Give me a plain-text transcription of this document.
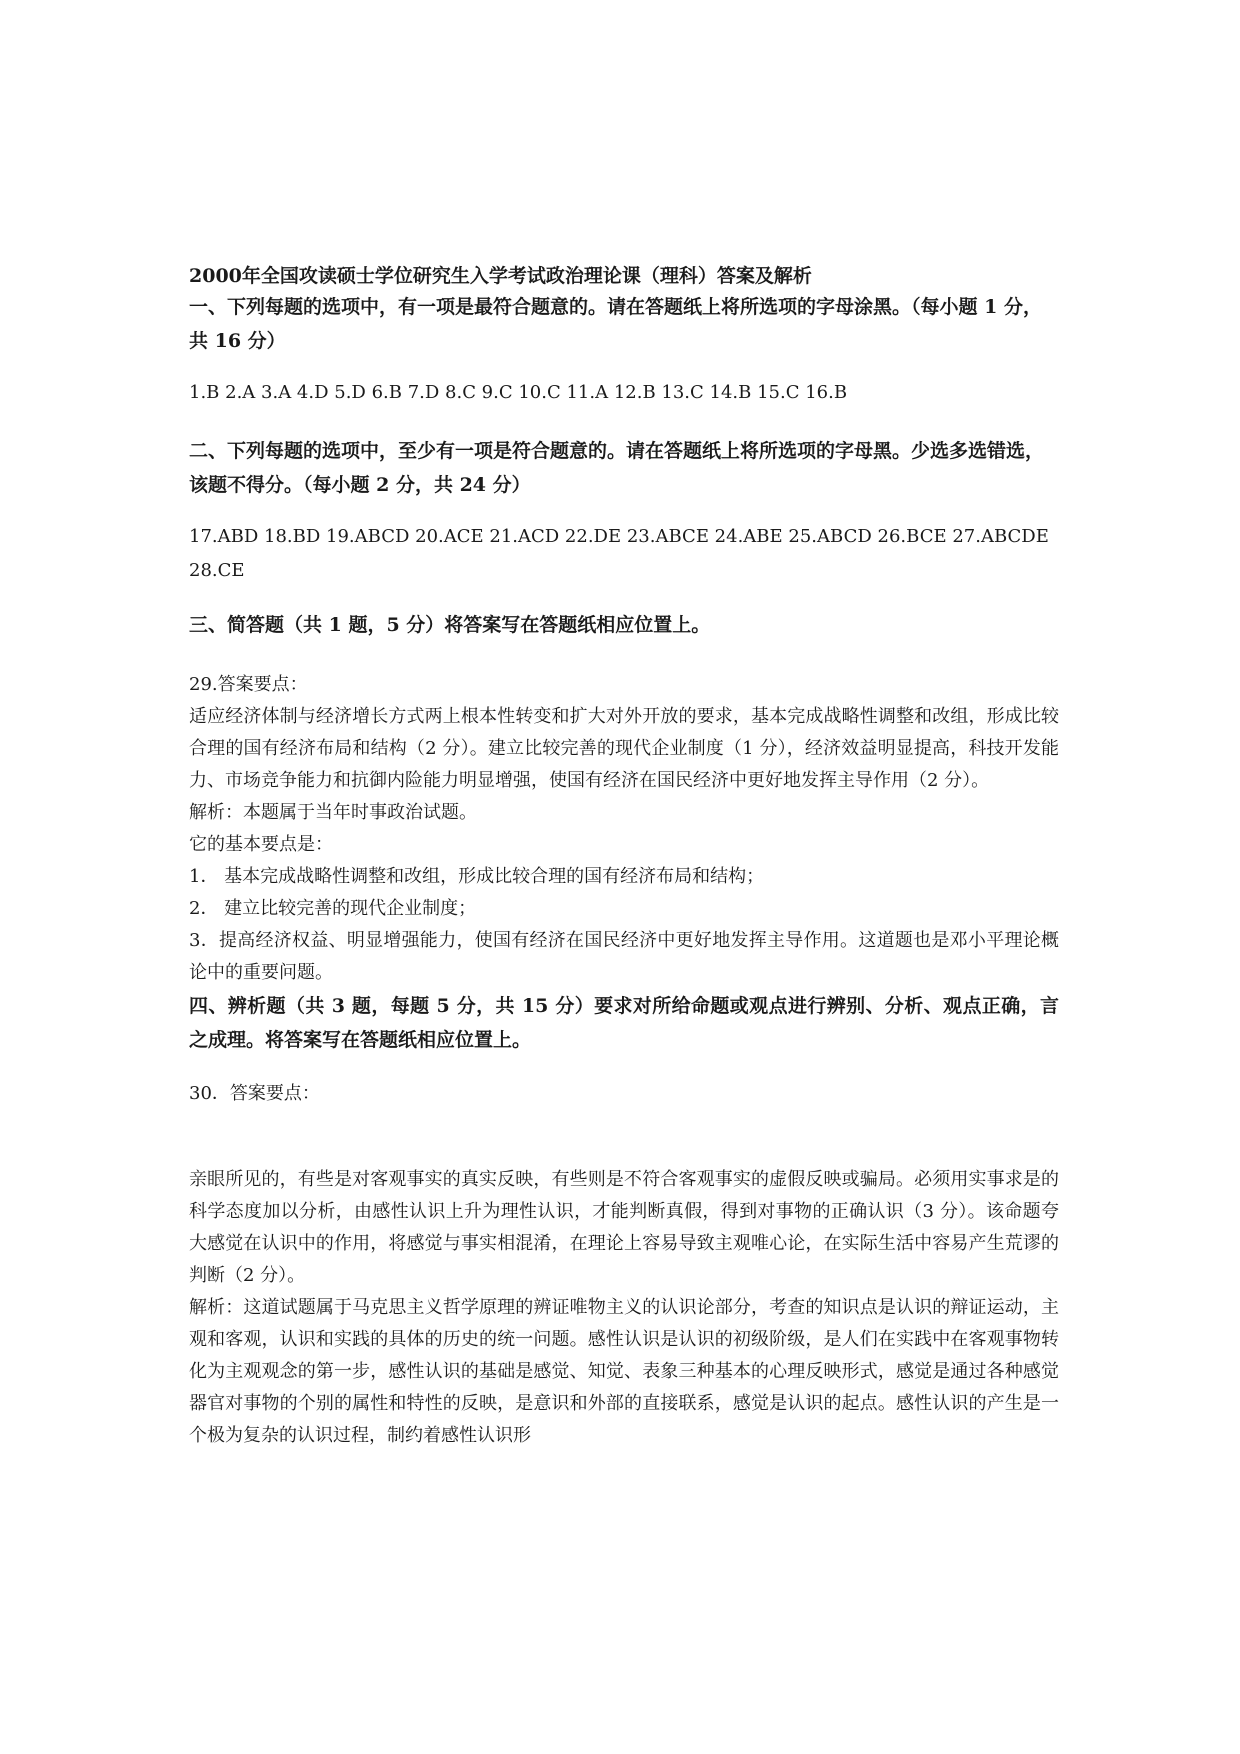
2000年全国攻读硕士学位研究生入学考试政治理论课（理科）答案及解析
一、下列每题的选项中，有一项是最符合题意的。请在答题纸上将所选项的字母涂黑。（每小题 1 分，共 16 分）
1.B 2.A 3.A 4.D 5.D 6.B 7.D 8.C 9.C 10.C 11.A 12.B 13.C 14.B 15.C 16.B
二、下列每题的选项中，至少有一项是符合题意的。请在答题纸上将所选项的字母黑。少选多选错选，该题不得分。（每小题 2 分，共 24 分）
17.ABD 18.BD 19.ABCD 20.ACE 21.ACD 22.DE 23.ABCE 24.ABE 25.ABCD 26.BCE 27.ABCDE 28.CE
三、简答题（共 1 题，5 分）将答案写在答题纸相应位置上。

29.答案要点：

适应经济体制与经济增长方式两上根本性转变和扩大对外开放的要求，基本完成战略性调整和改组，形成比较合理的国有经济布局和结构（2 分）。建立比较完善的现代企业制度（1 分），经济效益明显提高，科技开发能力、市场竞争能力和抗御内险能力明显增强，使国有经济在国民经济中更好地发挥主导作用（2 分）。

解析：本题属于当年时事政治试题。

它的基本要点是：

1． 基本完成战略性调整和改组，形成比较合理的国有经济布局和结构；

2． 建立比较完善的现代企业制度；

3．提高经济权益、明显增强能力，使国有经济在国民经济中更好地发挥主导作用。这道题也是邓小平理论概论中的重要问题。

四、辨析题（共 3 题，每题 5 分，共 15 分）要求对所给命题或观点进行辨别、分析、观点正确，言之成理。将答案写在答题纸相应位置上。

30．答案要点：

亲眼所见的，有些是对客观事实的真实反映，有些则是不符合客观事实的虚假反映或骗局。必须用实事求是的科学态度加以分析，由感性认识上升为理性认识，才能判断真假，得到对事物的正确认识（3 分）。该命题夸大感觉在认识中的作用，将感觉与事实相混淆，在理论上容易导致主观唯心论，在实际生活中容易产生荒谬的判断（2 分）。

解析：这道试题属于马克思主义哲学原理的辨证唯物主义的认识论部分，考查的知识点是认识的辩证运动，主观和客观，认识和实践的具体的历史的统一问题。感性认识是认识的初级阶级，是人们在实践中在客观事物转化为主观观念的第一步，感性认识的基础是感觉、知觉、表象三种基本的心理反映形式，感觉是通过各种感觉器官对事物的个别的属性和特性的反映，是意识和外部的直接联系，感觉是认识的起点。感性认识的产生是一个极为复杂的认识过程，制约着感性认识形
